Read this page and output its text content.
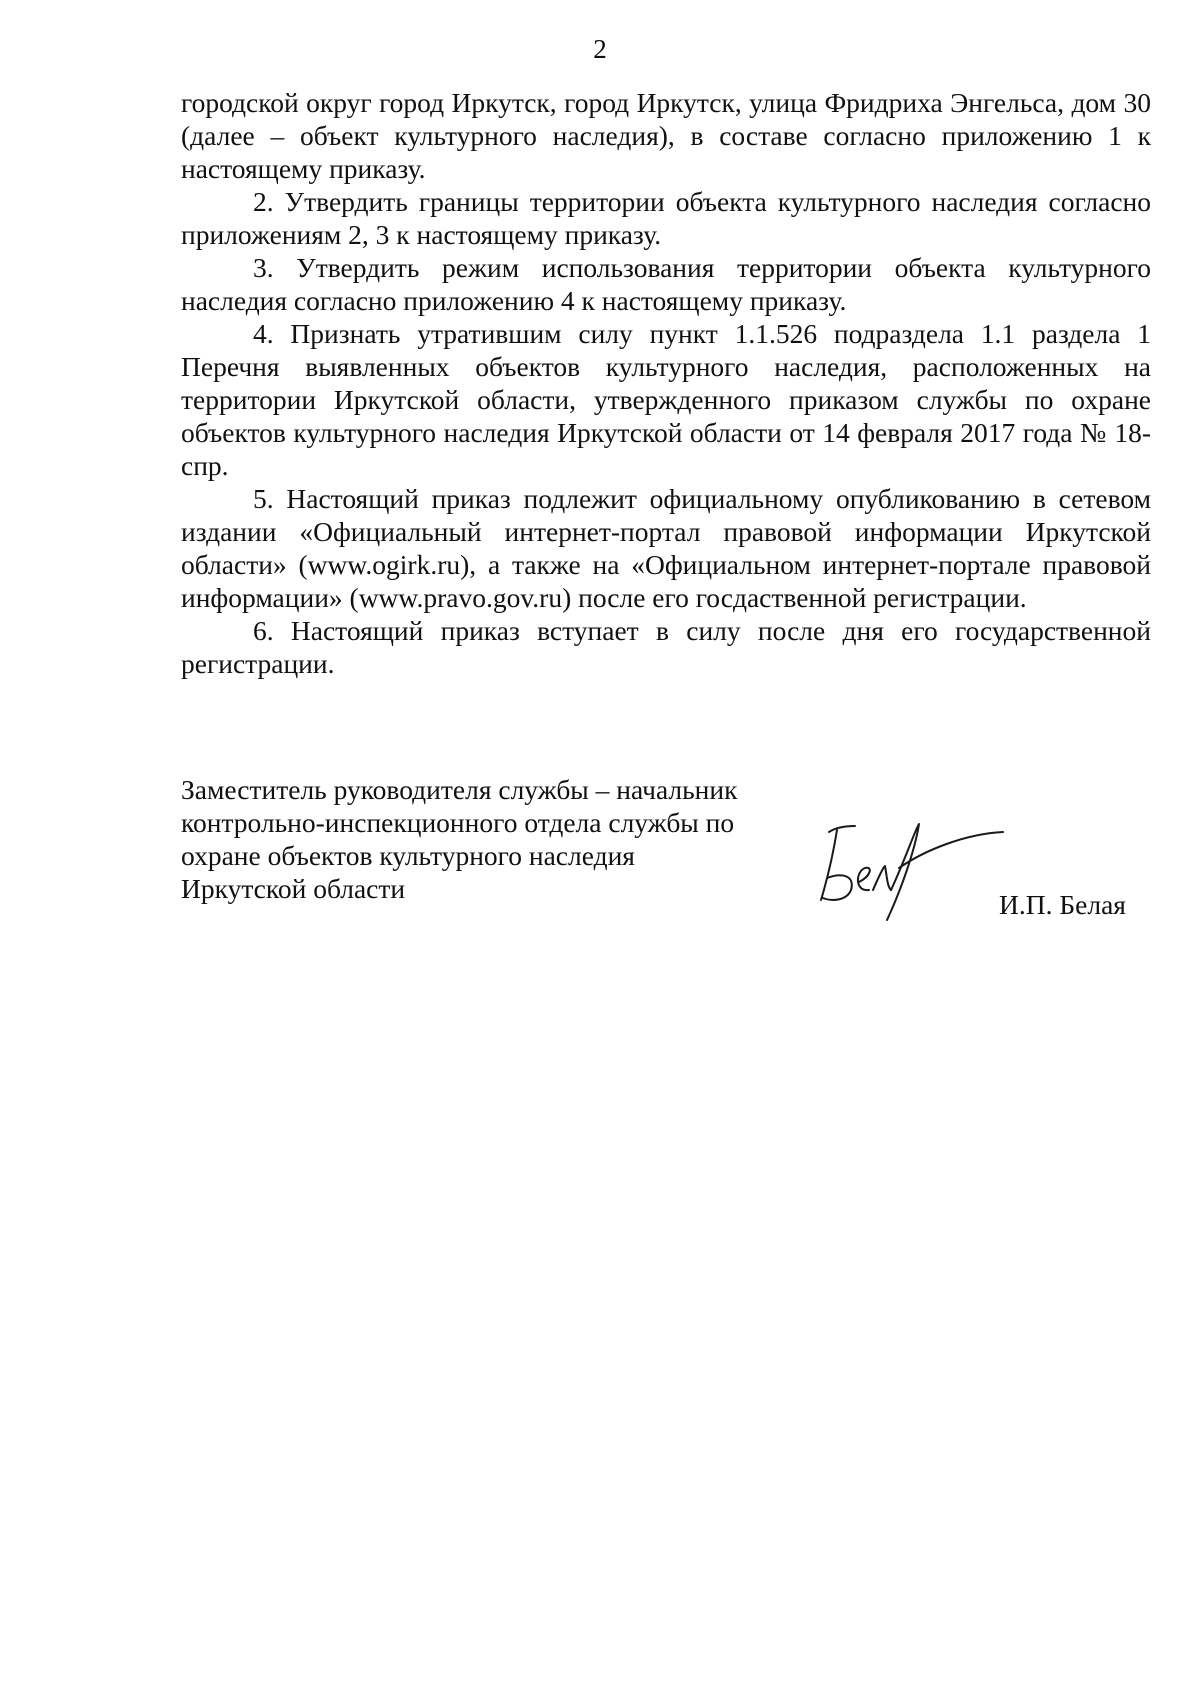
2

городской округ город Иркутск, город Иркутск, улица Фридриха Энгельса, дом 30 (далее – объект культурного наследия), в составе согласно приложению 1 к настоящему приказу.

2. Утвердить границы территории объекта культурного наследия согласно приложениям 2, 3 к настоящему приказу.

3. Утвердить режим использования территории объекта культурного наследия согласно приложению 4 к настоящему приказу.

4. Признать утратившим силу пункт 1.1.526 подраздела 1.1 раздела 1 Перечня выявленных объектов культурного наследия, расположенных на территории Иркутской области, утвержденного приказом службы по охране объектов культурного наследия Иркутской области от 14 февраля 2017 года № 18-спр.

5. Настоящий приказ подлежит официальному опубликованию в сетевом издании «Официальный интернет-портал правовой информации Иркутской области» (www.ogirk.ru), а также на «Официальном интернет-портале правовой информации» (www.pravo.gov.ru) после его госдаственной регистрации.

6. Настоящий приказ вступает в силу после дня его государственной регистрации.

Заместитель руководителя службы – начальник
контрольно-инспекционного отдела службы по
охране объектов культурного наследия
Иркутской области
И.П. Белая
